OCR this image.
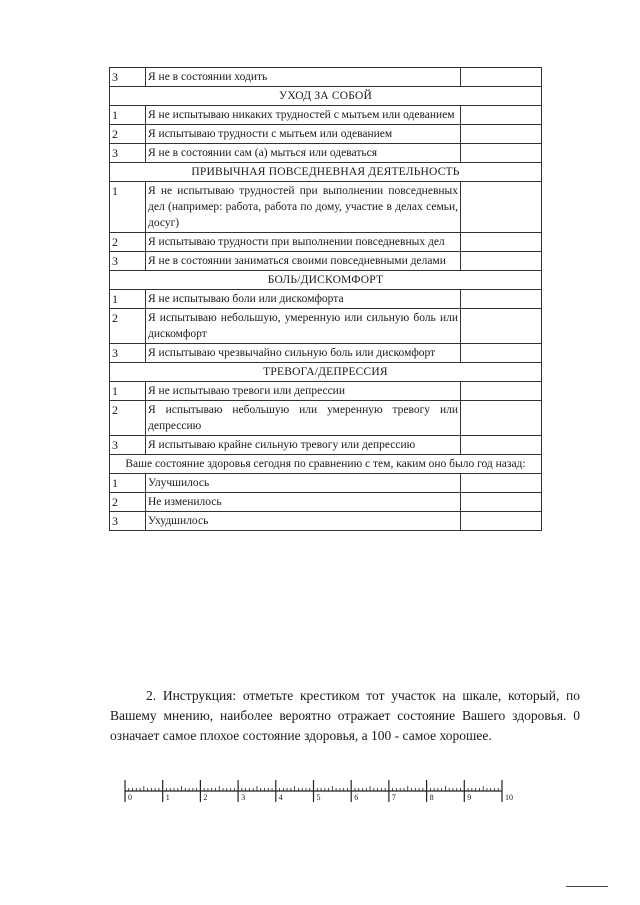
3	Я не в состоянии ходить	
УХОД ЗА СОБОЙ		
1	Я не испытываю никаких трудностей с мытьем или одеванием	
2	Я испытываю трудности с мытьем или одеванием	
3	Я не в состоянии сам (а) мыться или одеваться	
ПРИВЫЧНАЯ ПОВСЕДНЕВНАЯ ДЕЯТЕЛЬНОСТЬ		
1	Я не испытываю трудностей при выполнении повседневных дел (например: работа, работа по дому, участие в делах семьи, досуг)	
2	Я испытываю трудности при выполнении повседневных дел	
3	Я не в состоянии заниматься своими повседневными делами	
БОЛЬ/ДИСКОМФОРТ		
1	Я не испытываю боли или дискомфорта	
2	Я испытываю небольшую, умеренную или сильную боль или дискомфорт	
3	Я испытываю чрезвычайно сильную боль или дискомфорт	
ТРЕВОГА/ДЕПРЕССИЯ		
1	Я не испытываю тревоги или депрессии	
2	Я испытываю небольшую или умеренную тревогу или депрессию	
3	Я испытываю крайне сильную тревогу или депрессию	
Ваше состояние здоровья сегодня по сравнению с тем, каким оно было год назад:		
1	Улучшилось	
2	Не изменилось	
3	Ухудшилось	

2. Инструкция: отметьте крестиком тот участок на шкале, который, по Вашему мнению, наиболее вероятно отражает состояние Вашего здоровья. 0 означает самое плохое состояние здоровья, а 100 - самое хорошее.

0	1	2	3	4	5	6	7	8	9	10
